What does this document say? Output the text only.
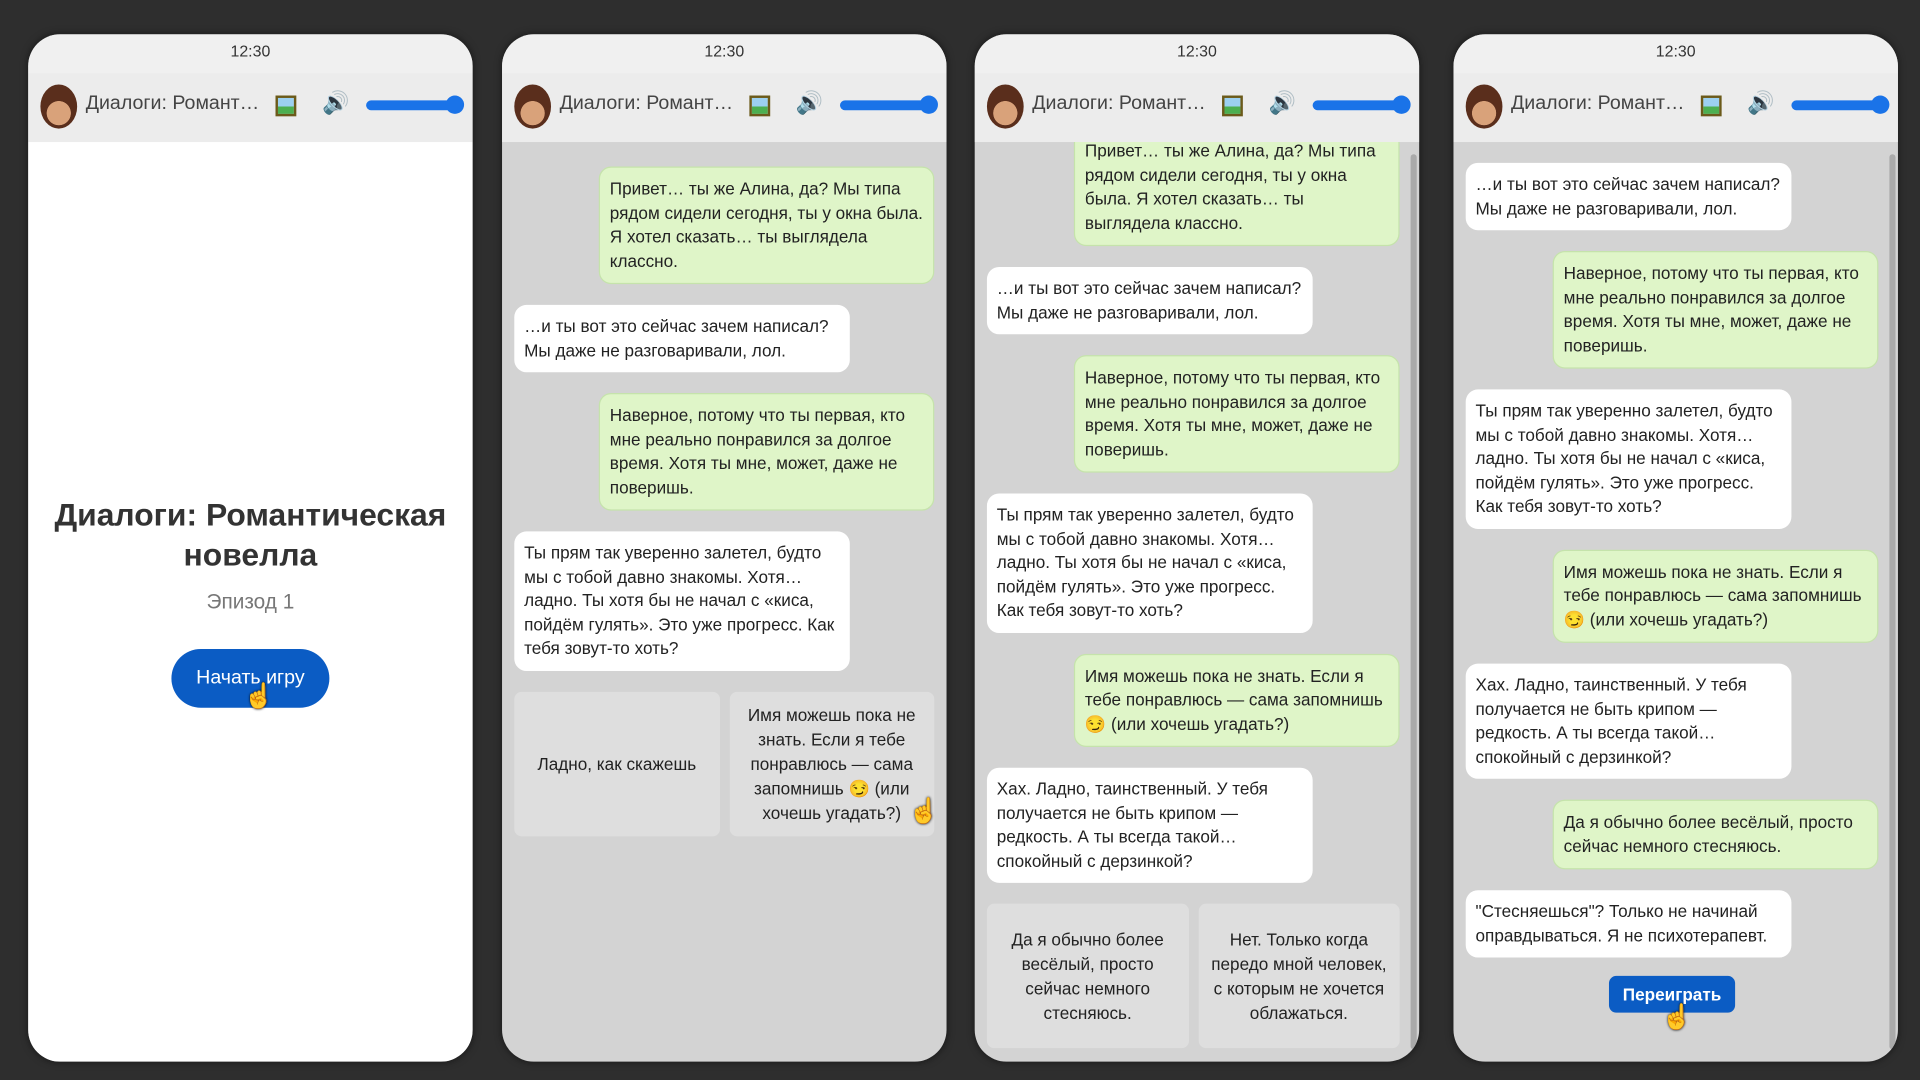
12:30
Диалоги: Романт…	🔊
Диалоги: Романтическая новелла
Эпизод 1
Начать игру
☝
12:30
Диалоги: Романт…	🔊
Привет… ты же Алина, да? Мы типа рядом сидели сегодня, ты у окна была. Я хотел сказать… ты выглядела классно.
…и ты вот это сейчас зачем написал? Мы даже не разговаривали, лол.
Наверное, потому что ты первая, кто мне реально понравился за долгое время. Хотя ты мне, может, даже не поверишь.
Ты прям так уверенно залетел, будто мы с тобой давно знакомы. Хотя… ладно. Ты хотя бы не начал с «киса, пойдём гулять». Это уже прогресс. Как тебя зовут-то хоть?
Ладно, как скажешь
Имя можешь пока не знать. Если я тебе понравлюсь — сама запомнишь 😏 (или хочешь угадать?) ☝
12:30
Диалоги: Романт…	🔊
Привет… ты же Алина, да? Мы типа рядом сидели сегодня, ты у окна была. Я хотел сказать… ты выглядела классно.
…и ты вот это сейчас зачем написал? Мы даже не разговаривали, лол.
Наверное, потому что ты первая, кто мне реально понравился за долгое время. Хотя ты мне, может, даже не поверишь.
Ты прям так уверенно залетел, будто мы с тобой давно знакомы. Хотя… ладно. Ты хотя бы не начал с «киса, пойдём гулять». Это уже прогресс. Как тебя зовут-то хоть?
Имя можешь пока не знать. Если я тебе понравлюсь — сама запомнишь 😏 (или хочешь угадать?)
Хах. Ладно, таинственный. У тебя получается не быть крипом — редкость. А ты всегда такой… спокойный с дерзинкой?
Да я обычно более весёлый, просто сейчас немного стесняюсь.
Нет. Только когда передо мной человек, с которым не хочется облажаться.
12:30
Диалоги: Романт…	🔊
…и ты вот это сейчас зачем написал? Мы даже не разговаривали, лол.
Наверное, потому что ты первая, кто мне реально понравился за долгое время. Хотя ты мне, может, даже не поверишь.
Ты прям так уверенно залетел, будто мы с тобой давно знакомы. Хотя… ладно. Ты хотя бы не начал с «киса, пойдём гулять». Это уже прогресс. Как тебя зовут-то хоть?
Имя можешь пока не знать. Если я тебе понравлюсь — сама запомнишь 😏 (или хочешь угадать?)
Хах. Ладно, таинственный. У тебя получается не быть крипом — редкость. А ты всегда такой… спокойный с дерзинкой?
Да я обычно более весёлый, просто сейчас немного стесняюсь.
"Стесняешься"? Только не начинай оправдываться. Я не психотерапевт.
Переиграть
☝
